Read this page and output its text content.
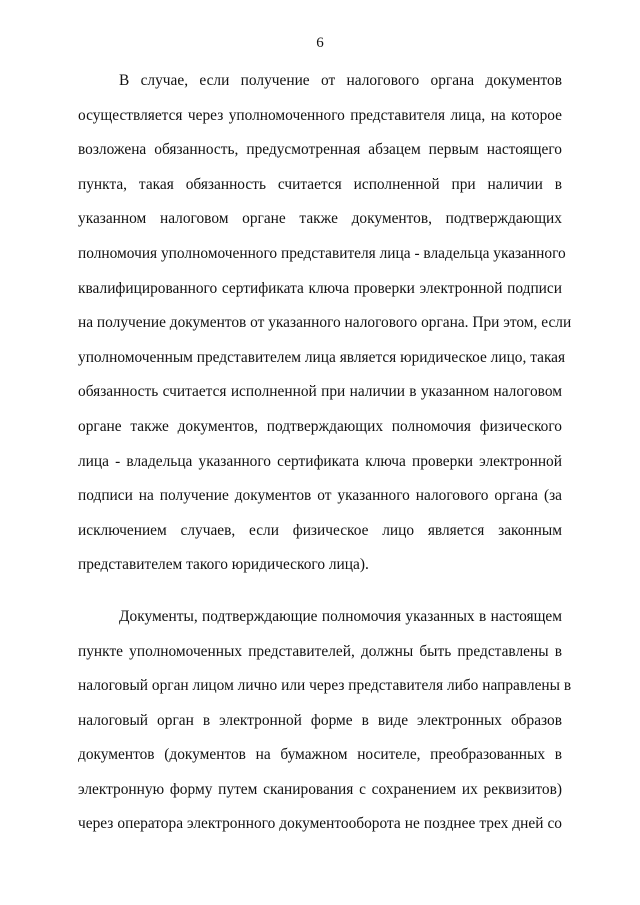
6
В случае, если получение от налогового органа документов
осуществляется через уполномоченного представителя лица, на которое
возложена обязанность, предусмотренная абзацем первым настоящего
пункта, такая обязанность считается исполненной при наличии в
указанном налоговом органе также документов, подтверждающих
полномочия уполномоченного представителя лица - владельца указанного
квалифицированного сертификата ключа проверки электронной подписи
на получение документов от указанного налогового органа. При этом, если
уполномоченным представителем лица является юридическое лицо, такая
обязанность считается исполненной при наличии в указанном налоговом
органе также документов, подтверждающих полномочия физического
лица - владельца указанного сертификата ключа проверки электронной
подписи на получение документов от указанного налогового органа (за
исключением случаев, если физическое лицо является законным
представителем такого юридического лица).
Документы, подтверждающие полномочия указанных в настоящем
пункте уполномоченных представителей, должны быть представлены в
налоговый орган лицом лично или через представителя либо направлены в
налоговый орган в электронной форме в виде электронных образов
документов (документов на бумажном носителе, преобразованных в
электронную форму путем сканирования с сохранением их реквизитов)
через оператора электронного документооборота не позднее трех дней со
